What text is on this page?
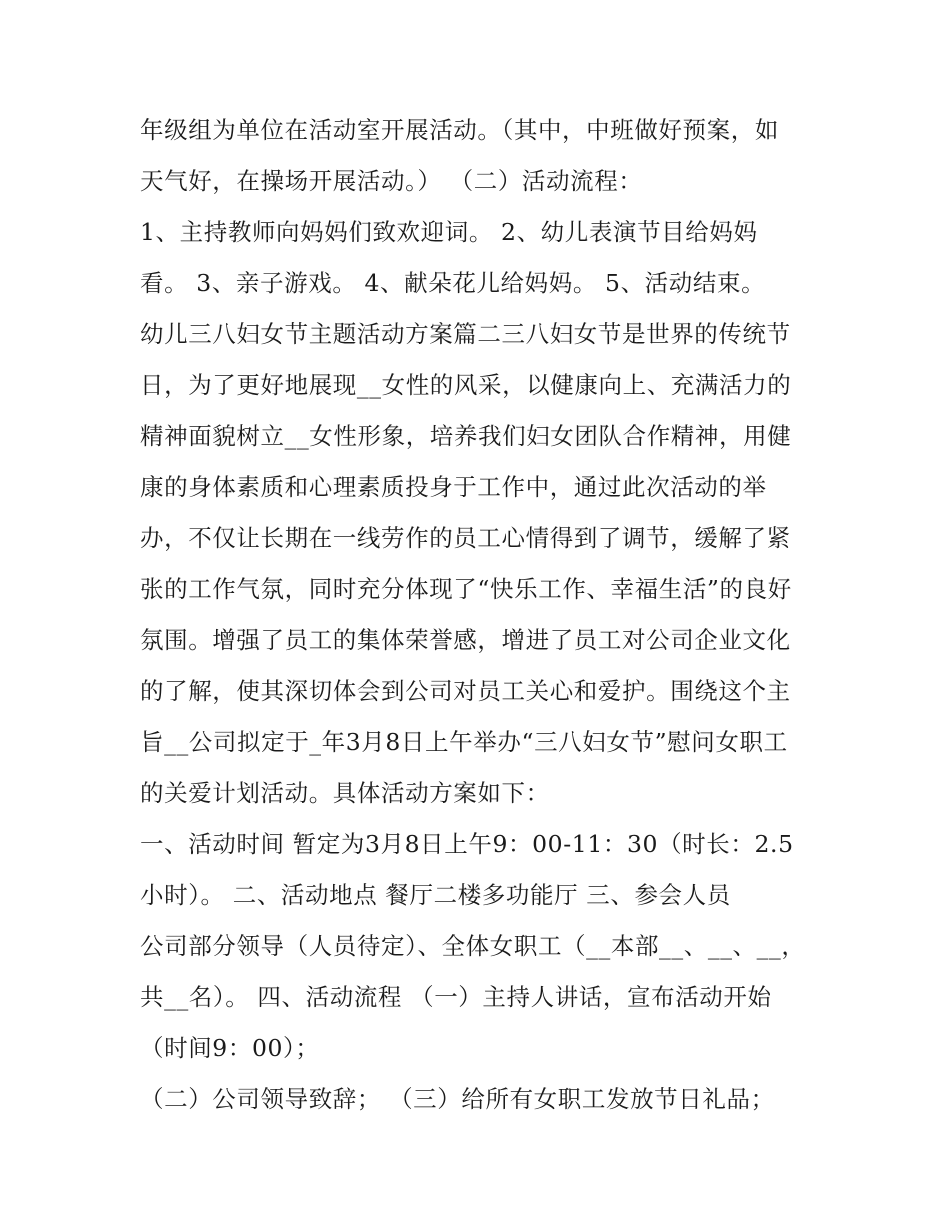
年级组为单位在活动室开展活动。（其中，中班做好预案，如
天气好，在操场开展活动。） （二）活动流程：
1、主持教师向妈妈们致欢迎词。 2、幼儿表演节目给妈妈
看。 3、亲子游戏。 4、献朵花儿给妈妈。 5、活动结束。
幼儿三八妇女节主题活动方案篇二三八妇女节是世界的传统节
日，为了更好地展现__女性的风采，以健康向上、充满活力的
精神面貌树立__女性形象，培养我们妇女团队合作精神，用健
康的身体素质和心理素质投身于工作中，通过此次活动的举
办，不仅让长期在一线劳作的员工心情得到了调节，缓解了紧
张的工作气氛，同时充分体现了“快乐工作、幸福生活”的良好
氛围。增强了员工的集体荣誉感，增进了员工对公司企业文化
的了解，使其深切体会到公司对员工关心和爱护。围绕这个主
旨__公司拟定于_年3月8日上午举办“三八妇女节”慰问女职工
的关爱计划活动。具体活动方案如下：
一、活动时间 暂定为3月8日上午9：00-11：30（时长：2.5
小时）。 二、活动地点 餐厅二楼多功能厅 三、参会人员
公司部分领导（人员待定）、全体女职工（__本部__、__、__，
共__名）。 四、活动流程 （一）主持人讲话，宣布活动开始
（时间9：00）；
（二）公司领导致辞； （三）给所有女职工发放节日礼品；
